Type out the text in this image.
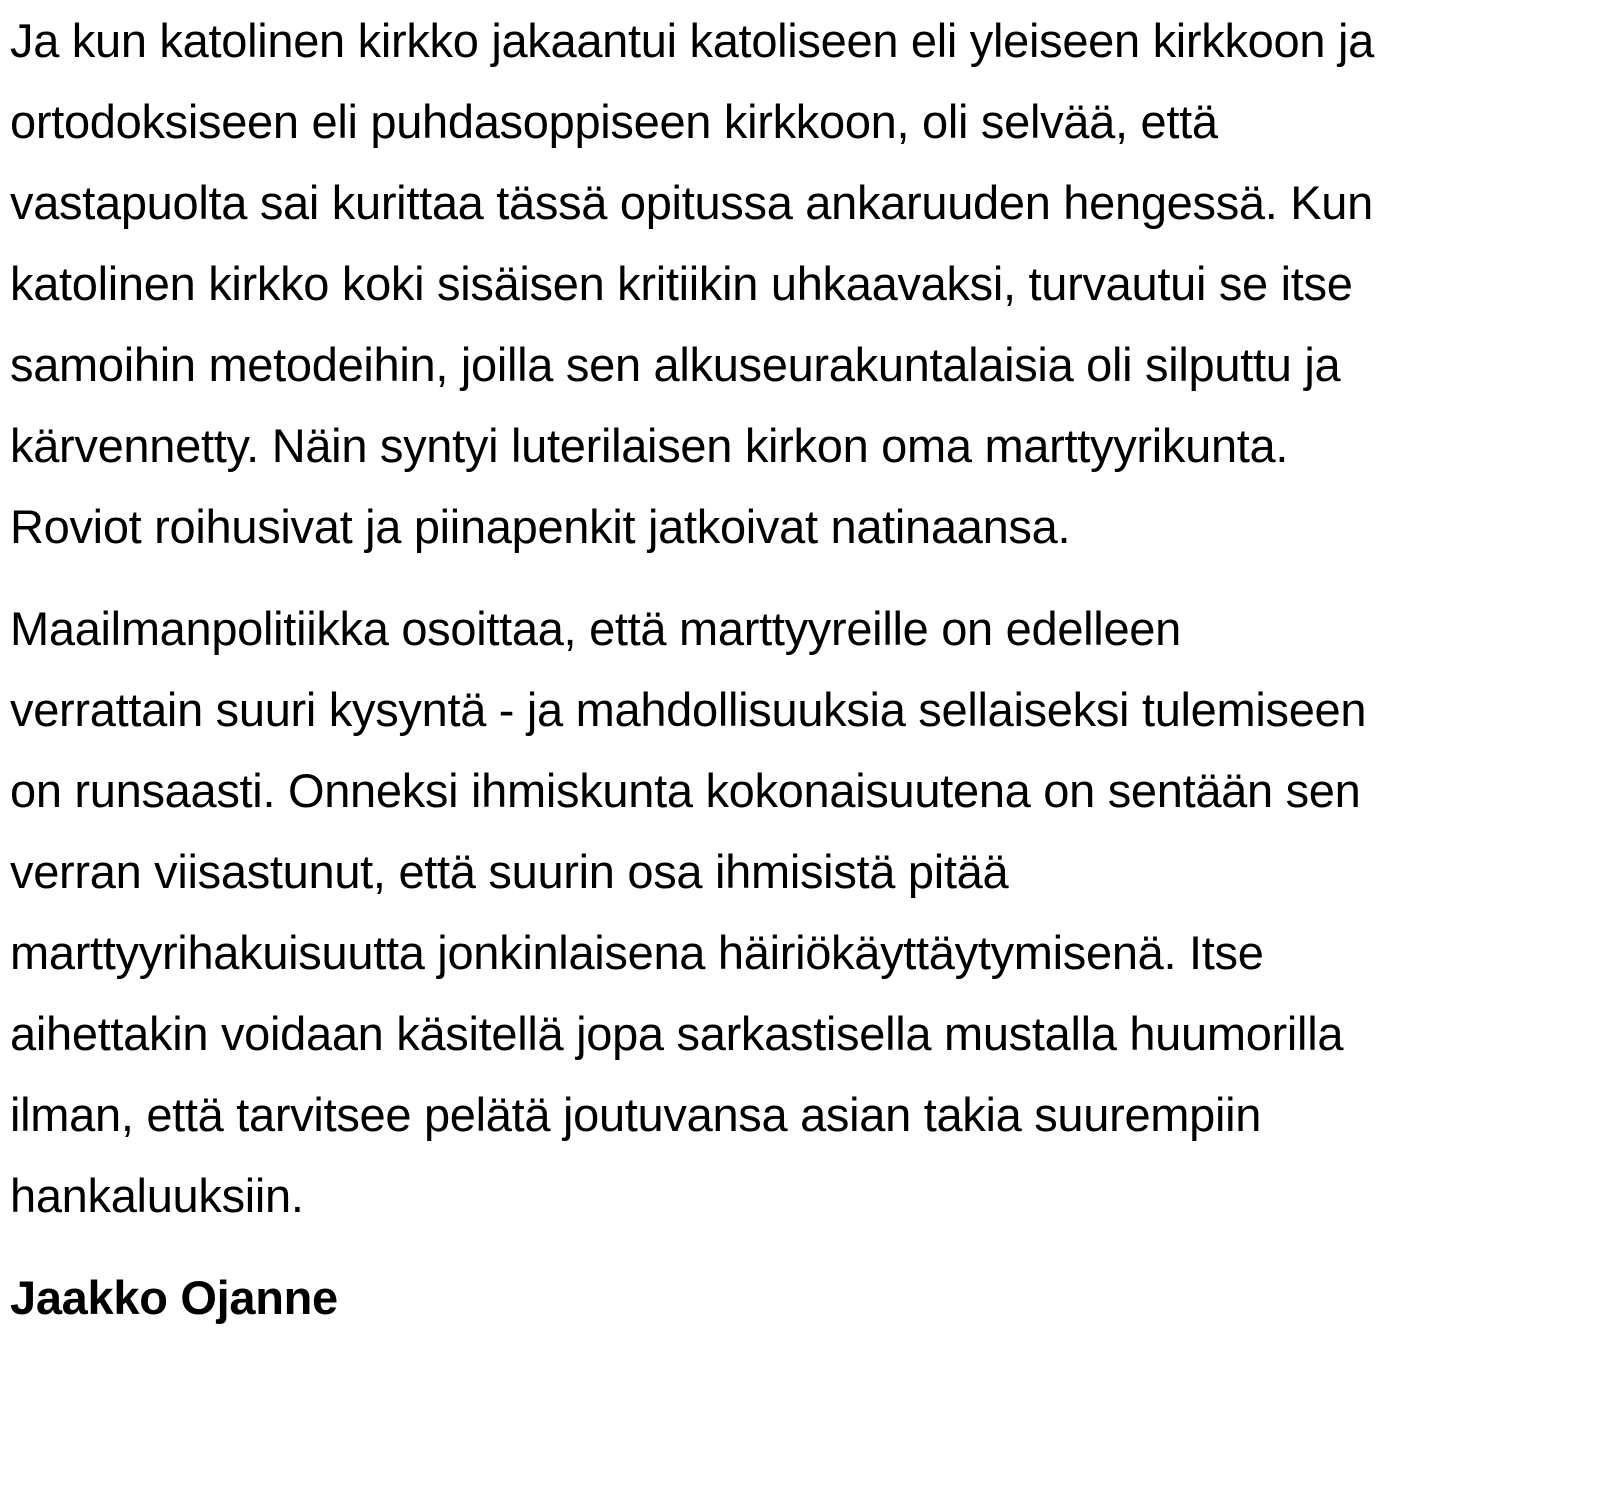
Ja kun katolinen kirkko jakaantui katoliseen eli yleiseen kirkkoon ja
ortodoksiseen eli puhdasoppiseen kirkkoon, oli selvää, että
vastapuolta sai kurittaa tässä opitussa ankaruuden hengessä. Kun
katolinen kirkko koki sisäisen kritiikin uhkaavaksi, turvautui se itse
samoihin metodeihin, joilla sen alkuseurakuntalaisia oli silputtu ja
kärvennetty. Näin syntyi luterilaisen kirkon oma marttyyrikunta.
Roviot roihusivat ja piinapenkit jatkoivat natinaansa.

Maailmanpolitiikka osoittaa, että marttyyreille on edelleen
verrattain suuri kysyntä - ja mahdollisuuksia sellaiseksi tulemiseen
on runsaasti. Onneksi ihmiskunta kokonaisuutena on sentään sen
verran viisastunut, että suurin osa ihmisistä pitää
marttyyrihakuisuutta jonkinlaisena häiriökäyttäytymisenä. Itse
aihettakin voidaan käsitellä jopa sarkastisella mustalla huumorilla
ilman, että tarvitsee pelätä joutuvansa asian takia suurempiin
hankaluuksiin.

Jaakko Ojanne
